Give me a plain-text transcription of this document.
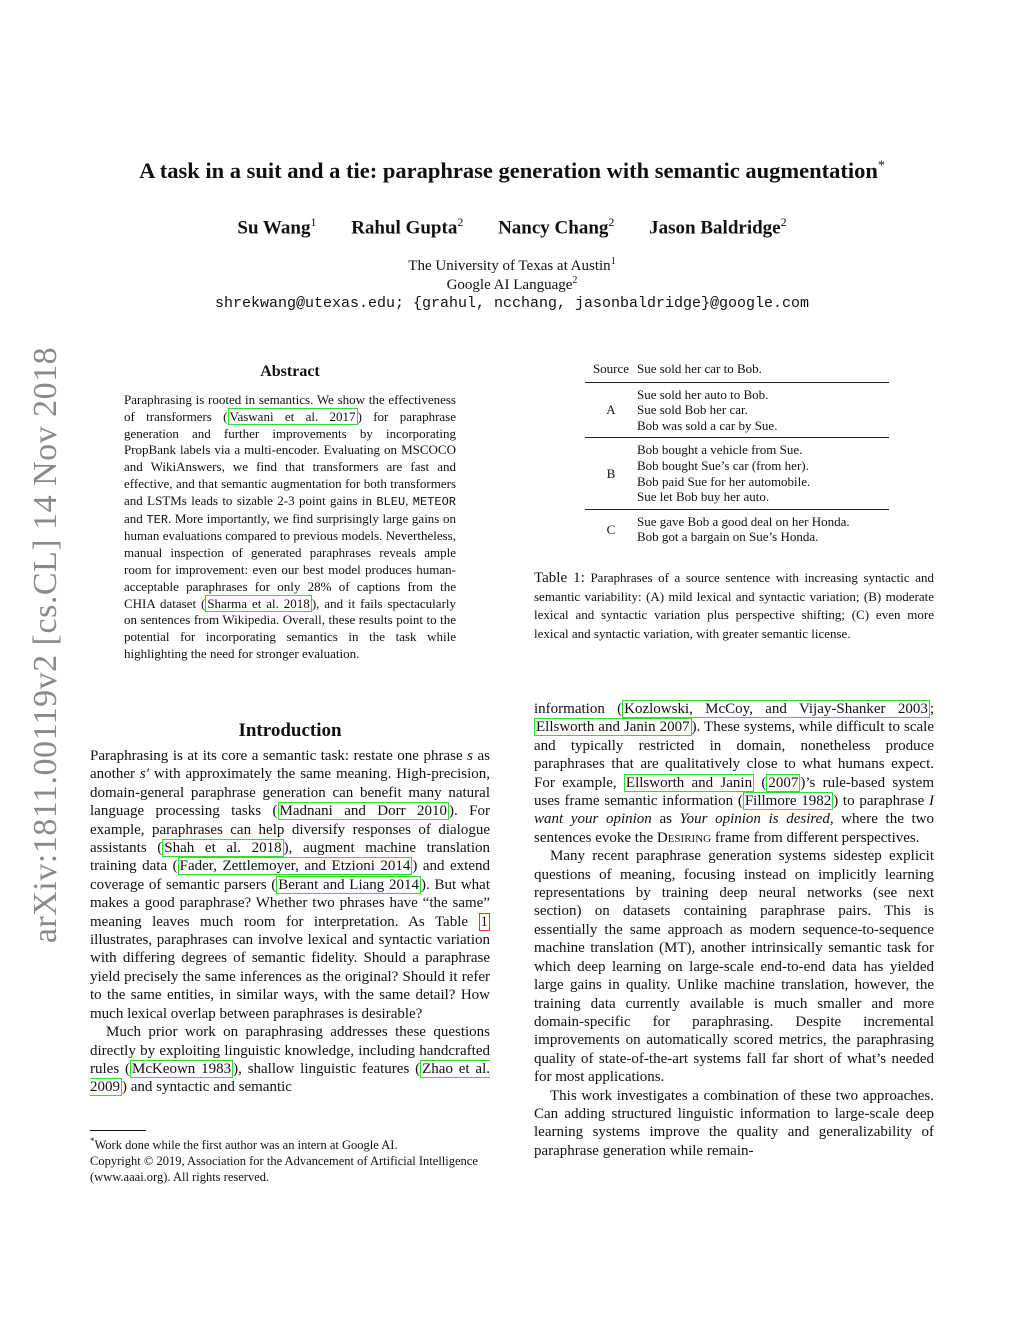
arXiv:1811.00119v2 [cs.CL] 14 Nov 2018
A task in a suit and a tie: paraphrase generation with semantic augmentation*
Su Wang$^1$ Rahul Gupta$^2$ Nancy Chang$^2$ Jason Baldridge$^2$
The University of Texas at Austin$^1$
Google AI Language$^2$
shrekwang@utexas.edu; {grahul, ncchang, jasonbaldridge}@google.com
Abstract
Paraphrasing is rooted in semantics. We show the effectiveness of transformers ( Vaswani et al. 2017 ) for paraphrase generation and further improvements by incorporating PropBank labels via a multi-encoder. Evaluating on MSCOCO and WikiAnswers, we find that transformers are fast and effective, and that semantic augmentation for both transformers and LSTMs leads to sizable 2-3 point gains in BLEU, METEOR and TER. More importantly, we find surprisingly large gains on human evaluations compared to previous models. Nevertheless, manual inspection of generated paraphrases reveals ample room for improvement: even our best model produces human-acceptable paraphrases for only 28% of captions from the CHIA dataset ( Sharma et al. 2018 ), and it fails spectacularly on sentences from Wikipedia. Overall, these results point to the potential for incorporating semantics in the task while highlighting the need for stronger evaluation.
Introduction

Paraphrasing is at its core a semantic task: restate one phrase s as another s′ with approximately the same meaning. High-precision, domain-general paraphrase generation can benefit many natural language processing tasks ( Madnani and Dorr 2010 ). For example, paraphrases can help diversify responses of dialogue assistants ( Shah et al. 2018 ), augment machine translation training data ( Fader, Zettlemoyer, and Etzioni 2014 ) and extend coverage of semantic parsers ( Berant and Liang 2014 ). But what makes a good paraphrase? Whether two phrases have “the same” meaning leaves much room for interpretation. As Table 1 illustrates, paraphrases can involve lexical and syntactic variation with differing degrees of semantic fidelity. Should a paraphrase yield precisely the same inferences as the original? Should it refer to the same entities, in similar ways, with the same detail? How much lexical overlap between paraphrases is desirable?

Much prior work on paraphrasing addresses these questions directly by exploiting linguistic knowledge, including handcrafted rules ( McKeown 1983 ), shallow linguistic features ( Zhao et al. 2009 ) and syntactic and semantic

*Work done while the first author was an intern at Google AI.
Copyright © 2019, Association for the Advancement of Artificial Intelligence (www.aaai.org). All rights reserved.
Source	Sue sold her car to Bob.
A	Sue sold her auto to Bob.
Sue sold Bob her car.
Bob was sold a car by Sue.

B	Bob bought a vehicle from Sue.
Bob bought Sue’s car (from her).
Bob paid Sue for her automobile.
Sue let Bob buy her auto.

C	Sue gave Bob a good deal on her Honda.
Bob got a bargain on Sue’s Honda.
Table 1: Paraphrases of a source sentence with increasing syntactic and semantic variability: (A) mild lexical and syntactic variation; (B) moderate lexical and syntactic variation plus perspective shifting; (C) even more lexical and syntactic variation, with greater semantic license.

information ( Kozlowski, McCoy, and Vijay-Shanker 2003 ; Ellsworth and Janin 2007 ). These systems, while difficult to scale and typically restricted in domain, nonetheless produce paraphrases that are qualitatively close to what humans expect. For example, Ellsworth and Janin ( 2007 )’s rule-based system uses frame semantic information ( Fillmore 1982 ) to paraphrase I want your opinion as Your opinion is desired, where the two sentences evoke the Desiring frame from different perspectives.

Many recent paraphrase generation systems sidestep explicit questions of meaning, focusing instead on implicitly learning representations by training deep neural networks (see next section) on datasets containing paraphrase pairs. This is essentially the same approach as modern sequence-to-sequence machine translation (MT), another intrinsically semantic task for which deep learning on large-scale end-to-end data has yielded large gains in quality. Unlike machine translation, however, the training data currently available is much smaller and more domain-specific for paraphrasing. Despite incremental improvements on automatically scored metrics, the paraphrasing quality of state-of-the-art systems fall far short of what’s needed for most applications.

This work investigates a combination of these two approaches. Can adding structured linguistic information to large-scale deep learning systems improve the quality and generalizability of paraphrase generation while remain-
